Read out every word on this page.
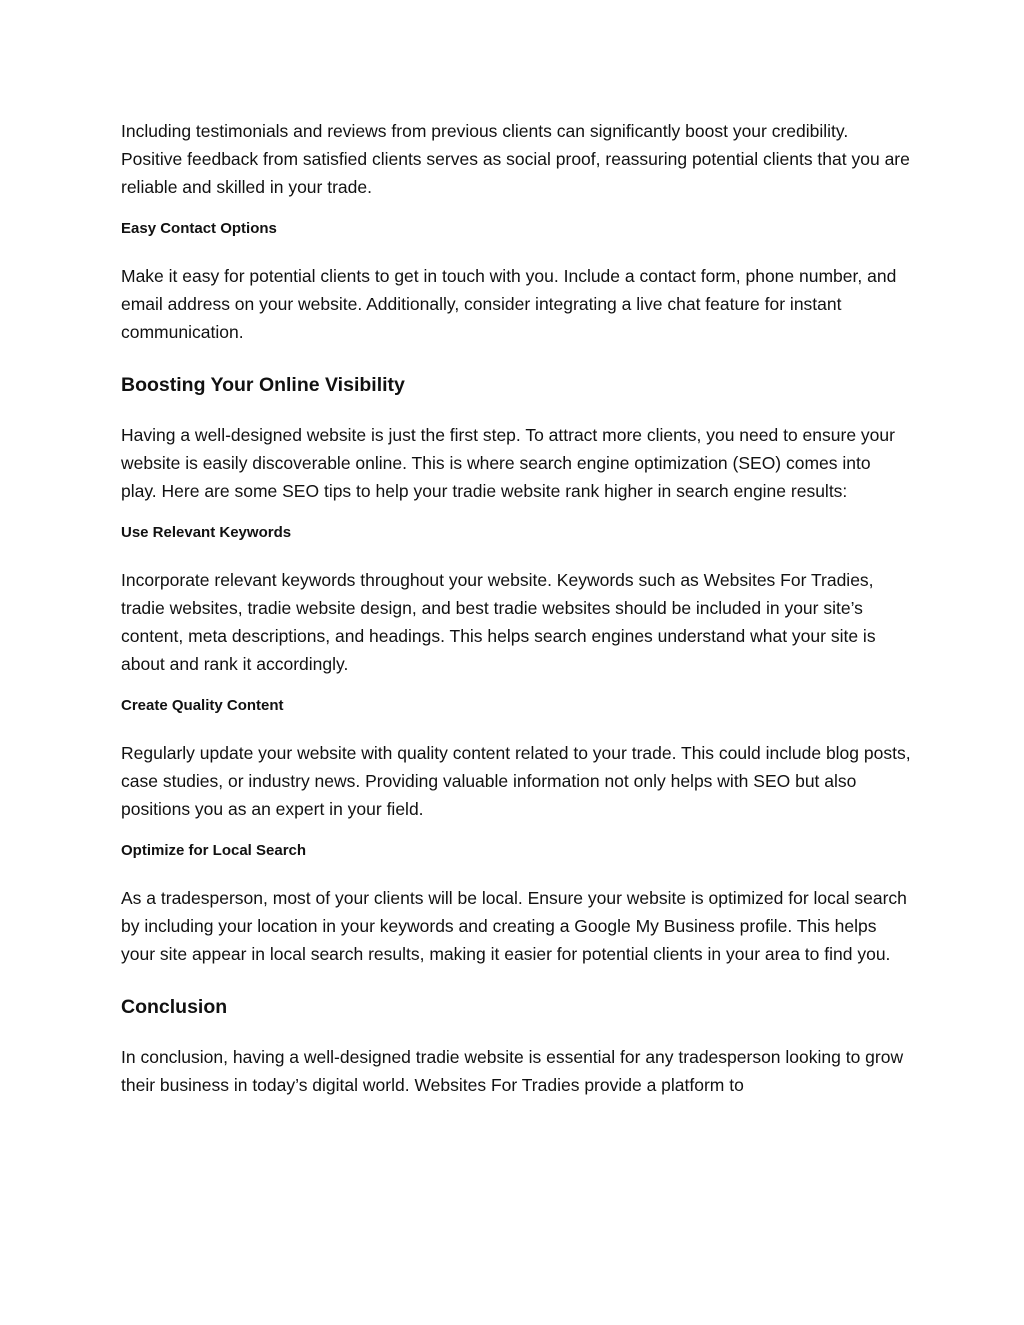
Including testimonials and reviews from previous clients can significantly boost your credibility. Positive feedback from satisfied clients serves as social proof, reassuring potential clients that you are reliable and skilled in your trade.

Easy Contact Options

Make it easy for potential clients to get in touch with you. Include a contact form, phone number, and email address on your website. Additionally, consider integrating a live chat feature for instant communication.

Boosting Your Online Visibility

Having a well-designed website is just the first step. To attract more clients, you need to ensure your website is easily discoverable online. This is where search engine optimization (SEO) comes into play. Here are some SEO tips to help your tradie website rank higher in search engine results:

Use Relevant Keywords

Incorporate relevant keywords throughout your website. Keywords such as Websites For Tradies, tradie websites, tradie website design, and best tradie websites should be included in your site’s content, meta descriptions, and headings. This helps search engines understand what your site is about and rank it accordingly.

Create Quality Content

Regularly update your website with quality content related to your trade. This could include blog posts, case studies, or industry news. Providing valuable information not only helps with SEO but also positions you as an expert in your field.

Optimize for Local Search

As a tradesperson, most of your clients will be local. Ensure your website is optimized for local search by including your location in your keywords and creating a Google My Business profile. This helps your site appear in local search results, making it easier for potential clients in your area to find you.

Conclusion

In conclusion, having a well-designed tradie website is essential for any tradesperson looking to grow their business in today’s digital world. Websites For Tradies provide a platform to
